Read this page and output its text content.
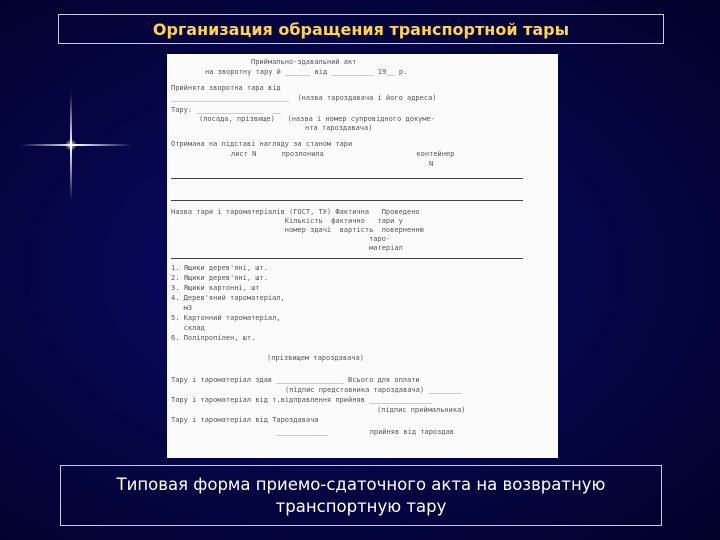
Организация обращения транспортной тары
Приймально-здавальний акт
на зворотну тару й ______ від __________ 19__ р.
Прийнята зворотна тара від
____________________________  (назва тароздавача і його адреса)
Тару: ________________  __
(посада, прізвище)   (назва і номер супровідного докуме-
нта тароздавача)
Отримана на підставі нагляду за станом тари
лист N      прозлонила                      контейнер
N
Назва тари і тароматеріалів (ГОСТ, ТУ) Фактична   Проведено
Кількість  фактично   тари у
номер здачі  вартість  поверненню
таро-
матеріал
1. Ящики дерев'яні, шт.
2. Ящики дерев'яні, шт.
3. Ящики картонні, шт
4. Дерев'яний тароматеріал,
м3
5. Картонний тароматеріал,
склад
6. Поліпропілен, шт.
(прізвищем тароздавача)
Тару і тароматеріал здав ________________ Всього для оплати
(підпис представника тароздавача) ________
Тару і тароматеріал від т.відправлення прийняв _______________
(підпис приймальника)
Тару і тароматеріал від Тароздавача
____________          прийняв від тароздав
Типовая форма приемо-сдаточного акта на возвратную
транспортную тару
